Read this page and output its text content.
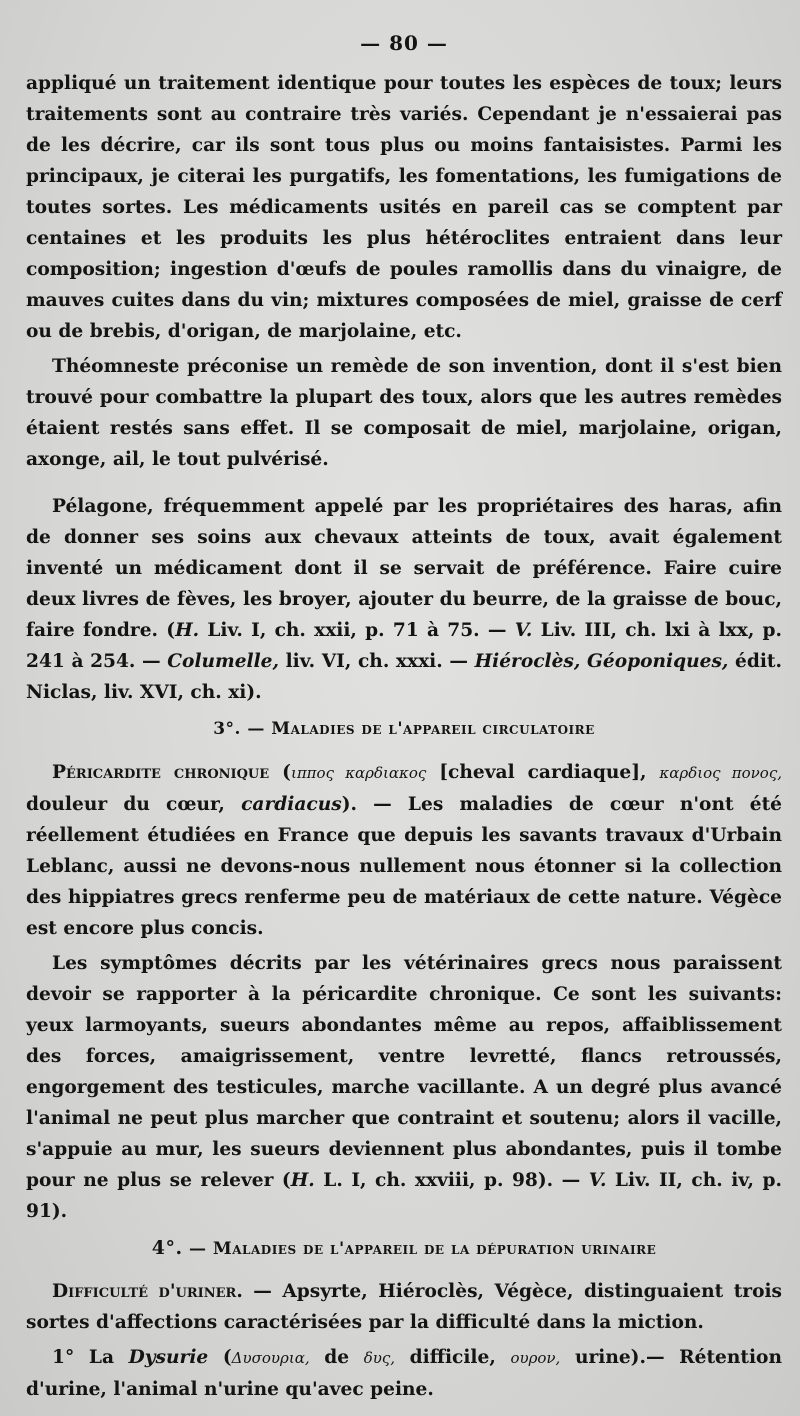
— 80 —

appliqué un traitement identique pour toutes les espèces de toux; leurs traitements sont au contraire très variés. Cependant je n'essaierai pas de les décrire, car ils sont tous plus ou moins fantaisistes. Parmi les principaux, je citerai les purgatifs, les fomentations, les fumigations de toutes sortes. Les médicaments usités en pareil cas se comptent par centaines et les produits les plus hétéroclites entraient dans leur composition; ingestion d'œufs de poules ramollis dans du vinaigre, de mauves cuites dans du vin; mixtures composées de miel, graisse de cerf ou de brebis, d'origan, de marjolaine, etc.

Théomneste préconise un remède de son invention, dont il s'est bien trouvé pour combattre la plupart des toux, alors que les autres remèdes étaient restés sans effet. Il se composait de miel, marjolaine, origan, axonge, ail, le tout pulvérisé.

Pélagone, fréquemment appelé par les propriétaires des haras, afin de donner ses soins aux chevaux atteints de toux, avait également inventé un médicament dont il se servait de préférence. Faire cuire deux livres de fèves, les broyer, ajouter du beurre, de la graisse de bouc, faire fondre. (H. Liv. I, ch. xxii, p. 71 à 75. — V. Liv. III, ch. lxi à lxx, p. 241 à 254. — Columelle, liv. VI, ch. xxxi. — Hiéroclès, Géoponiques, édit. Niclas, liv. XVI, ch. xi).

3°. — Maladies de l'appareil circulatoire

Péricardite chronique (ιππος καρδιακος [cheval cardiaque], καρδιος πονος, douleur du cœur, cardiacus). — Les maladies de cœur n'ont été réellement étudiées en France que depuis les savants travaux d'Urbain Leblanc, aussi ne devons-nous nullement nous étonner si la collection des hippiatres grecs renferme peu de matériaux de cette nature. Végèce est encore plus concis.

Les symptômes décrits par les vétérinaires grecs nous paraissent devoir se rapporter à la péricardite chronique. Ce sont les suivants: yeux larmoyants, sueurs abondantes même au repos, affaiblissement des forces, amaigrissement, ventre levretté, flancs retroussés, engorgement des testicules, marche vacillante. A un degré plus avancé l'animal ne peut plus marcher que contraint et soutenu; alors il vacille, s'appuie au mur, les sueurs deviennent plus abondantes, puis il tombe pour ne plus se relever (H. L. I, ch. xxviii, p. 98). — V. Liv. II, ch. iv, p. 91).

4°. — Maladies de l'appareil de la dépuration urinaire

Difficulté d'uriner. — Apsyrte, Hiéroclès, Végèce, distinguaient trois sortes d'affections caractérisées par la difficulté dans la miction.

1° La Dysurie (Δυσουρια, de δυς, difficile, ουρον, urine).— Rétention d'urine, l'animal n'urine qu'avec peine.
